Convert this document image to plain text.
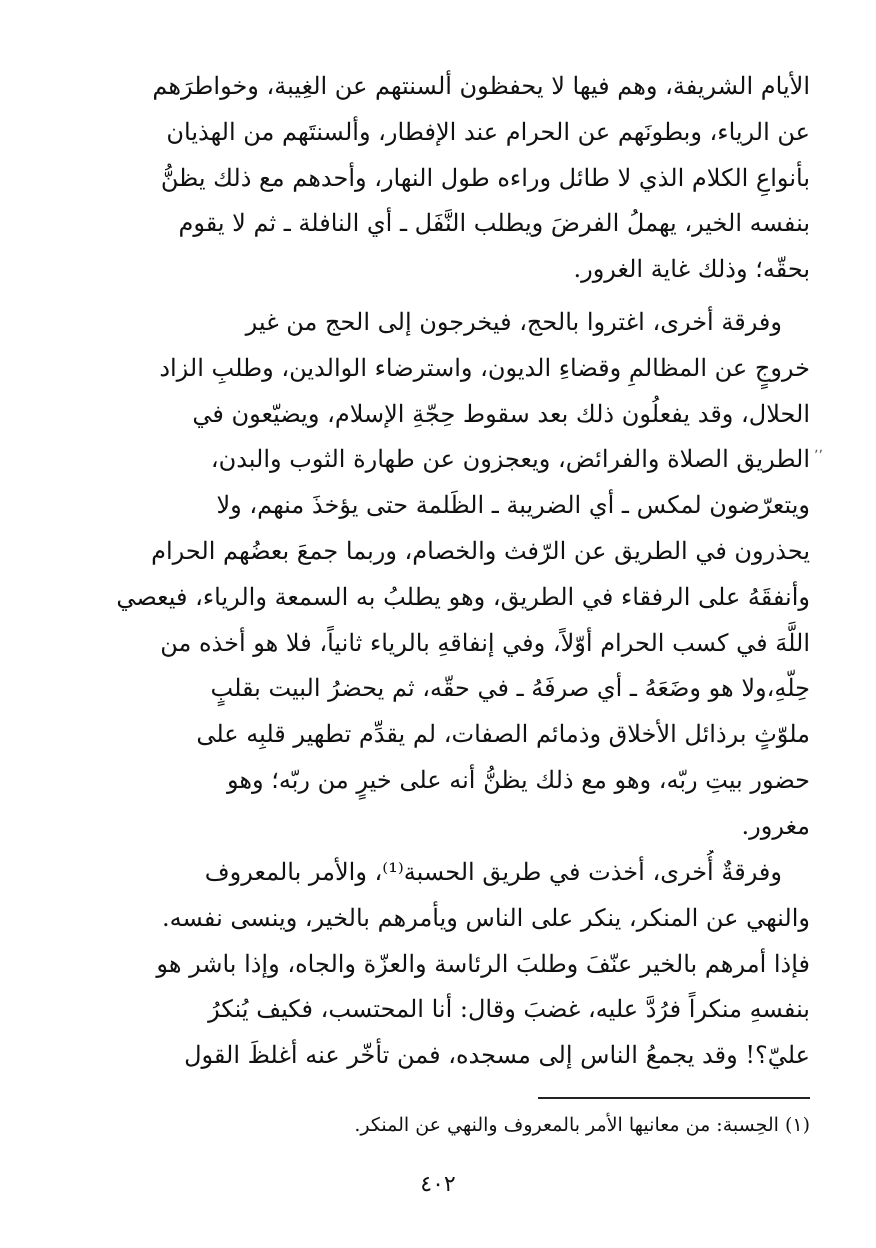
الأيام الشريفة، وهم فيها لا يحفظون ألسنتهم عن الغِيبة، وخواطرَهم
عن الرياء، وبطونَهم عن الحرام عند الإفطار، وألسنتَهم من الهذيان
بأنواعِ الكلام الذي لا طائل وراءه طول النهار، وأحدهم مع ذلك يظنُّ
بنفسه الخير، يهملُ الفرضَ ويطلب النَّفَل ـ أي النافلة ـ ثم لا يقوم
بحقّه؛ وذلك غاية الغرور.
وفرقة أخرى، اغتروا بالحج، فيخرجون إلى الحج من غير
خروجٍ عن المظالمِ وقضاءِ الديون، واسترضاء الوالدين، وطلبِ الزاد
الحلال، وقد يفعلُون ذلك بعد سقوط حِجّةِ الإسلام، ويضيّعون في
الطريق الصلاة والفرائض، ويعجزون عن طهارة الثوب والبدن،
ويتعرّضون لمكس ـ أي الضريبة ـ الظَلمة حتى يؤخذَ منهم، ولا
يحذرون في الطريق عن الرّفث والخصام، وربما جمعَ بعضُهم الحرام
وأنفقَهُ على الرفقاء في الطريق، وهو يطلبُ به السمعة والرياء، فيعصي
اللَّهَ في كسب الحرام أوّلاً، وفي إنفاقهِ بالرياء ثانياً، فلا هو أخذه من
حِلّهِ،ولا هو وضَعَهُ ـ أي صرفَهُ ـ في حقّه، ثم يحضرُ البيت بقلبٍ
ملوّثٍ برذائل الأخلاق وذمائم الصفات، لم يقدِّم تطهير قلبِه على
حضور بيتِ ربّه، وهو مع ذلك يظنُّ أنه على خيرٍ من ربّه؛ وهو
مغرور.
٬٬
وفرقةٌ أُخرى، أخذت في طريق الحسبة⁽¹⁾، والأمر بالمعروف
والنهي عن المنكر، ينكر على الناس ويأمرهم بالخير، وينسى نفسه.
فإذا أمرهم بالخير عنّفَ وطلبَ الرئاسة والعزّة والجاه، وإذا باشر هو
بنفسهِ منكراً فرُدَّ عليه، غضبَ وقال: أنا المحتسب، فكيف يُنكرُ
عليّ؟! وقد يجمعُ الناس إلى مسجده، فمن تأخّر عنه أغلظَ القول
(١) الحِسبة: من معانيها الأمر بالمعروف والنهي عن المنكر.
٤٠٢
